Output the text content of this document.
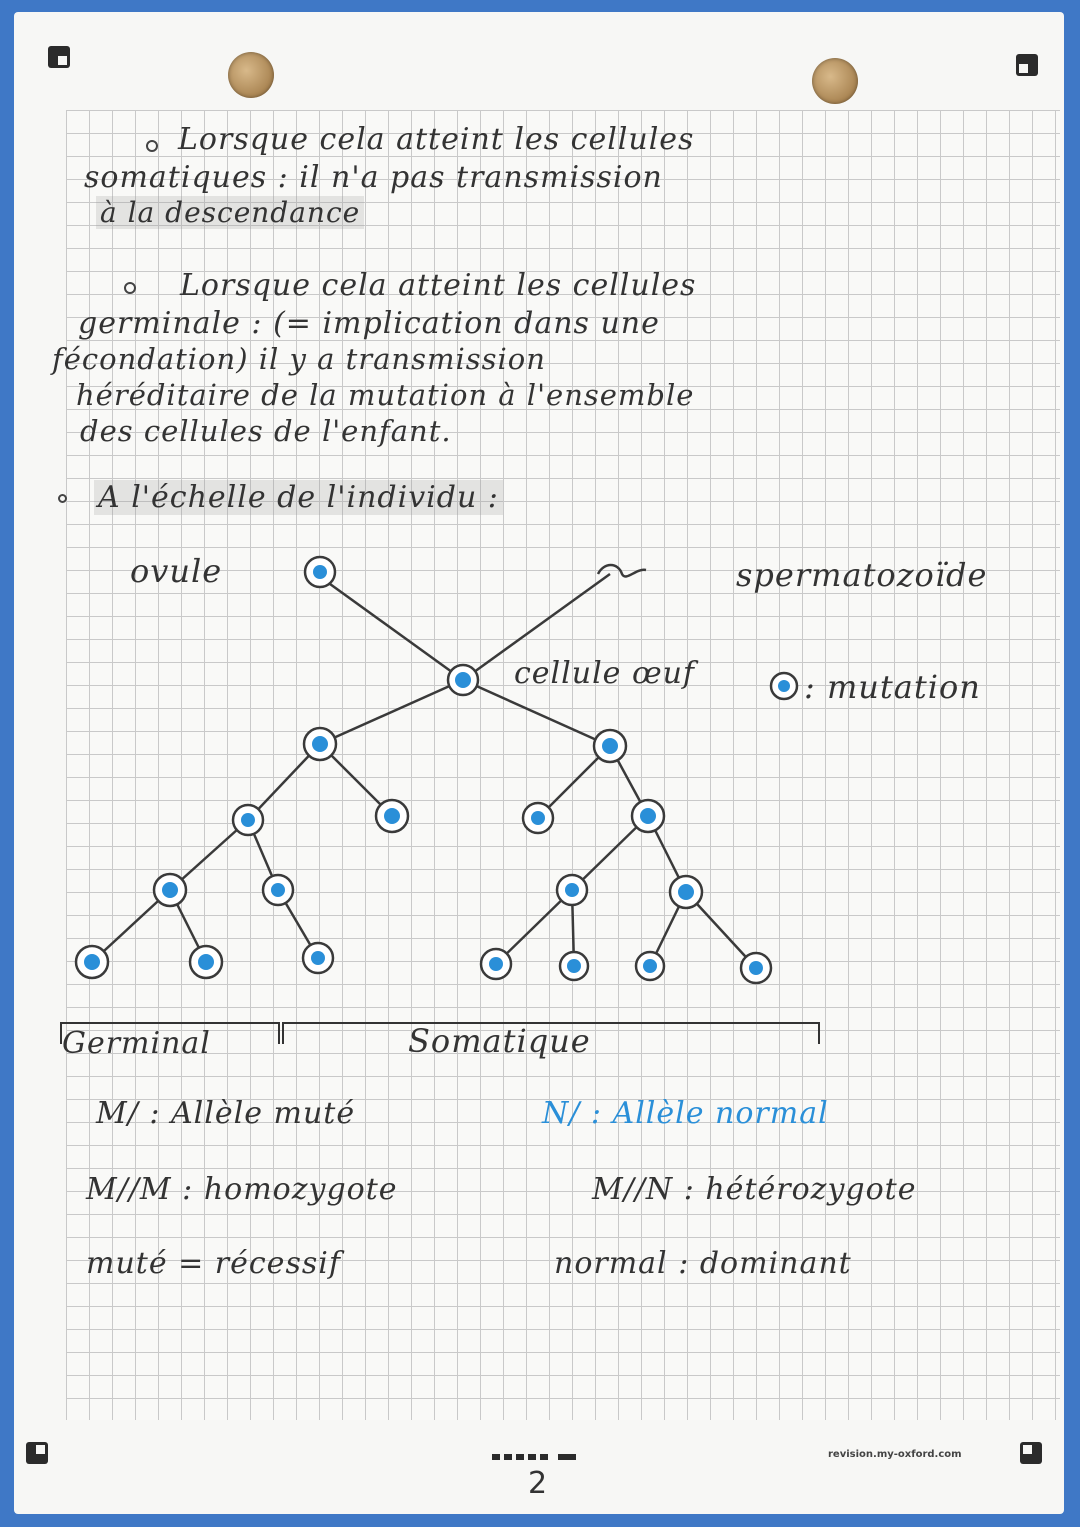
Lorsque cela atteint les cellules
somatiques : il n'a pas transmission
à la descendance
Lorsque cela atteint les cellules
germinale : (= implication dans une
fécondation) il y a transmission
héréditaire de la mutation à l'ensemble
des cellules de l'enfant.
A l'échelle de l'individu :
ovule	spermatozoïde
cellule œuf	: mutation
Germinal	Somatique
M/ : Allèle muté	N/ : Allèle normal
M//M : homozygote	M//N : hétérozygote
muté = récessif	normal : dominant
2
revision.my-oxford.com
